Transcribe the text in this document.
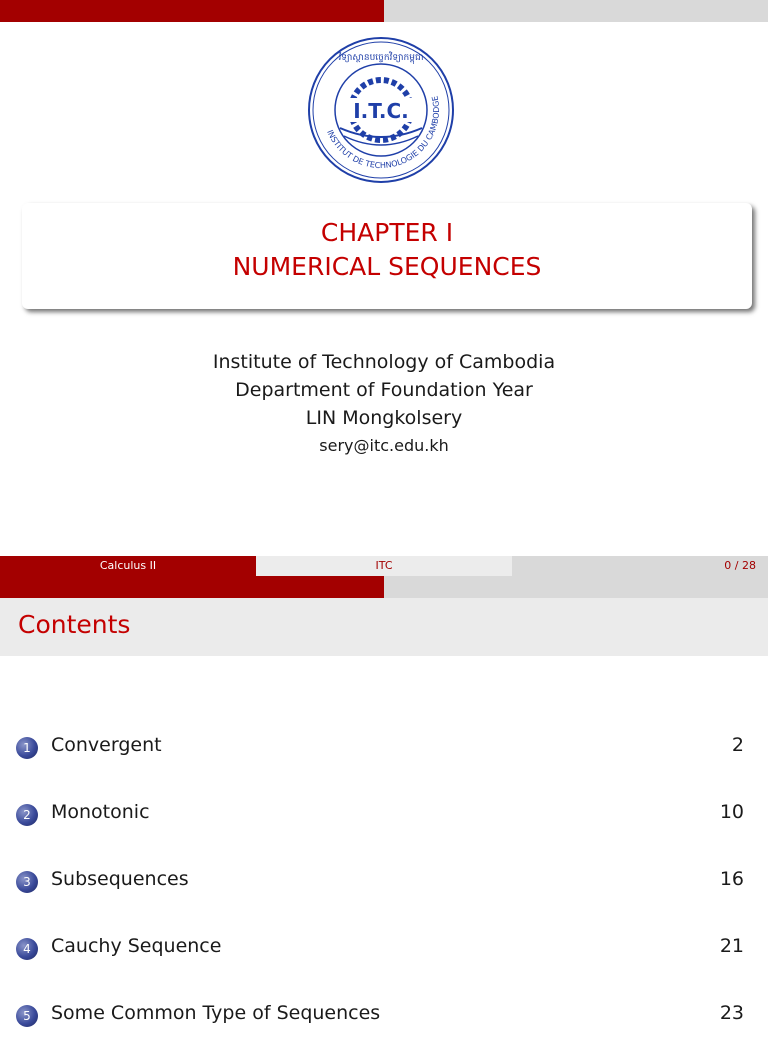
I.T.C.
INSTITUT DE TECHNOLOGIE DU CAMBODGE
វិទ្យាស្ថានបច្ចេកវិទ្យាកម្ពុជា
CHAPTER I
NUMERICAL SEQUENCES
Institute of Technology of Cambodia
Department of Foundation Year
LIN Mongkolsery
sery@itc.edu.kh
Calculus II	ITC	0 / 28
Contents
1	Convergent	2
2	Monotonic	10
3	Subsequences	16
4	Cauchy Sequence	21
5	Some Common Type of Sequences	23
